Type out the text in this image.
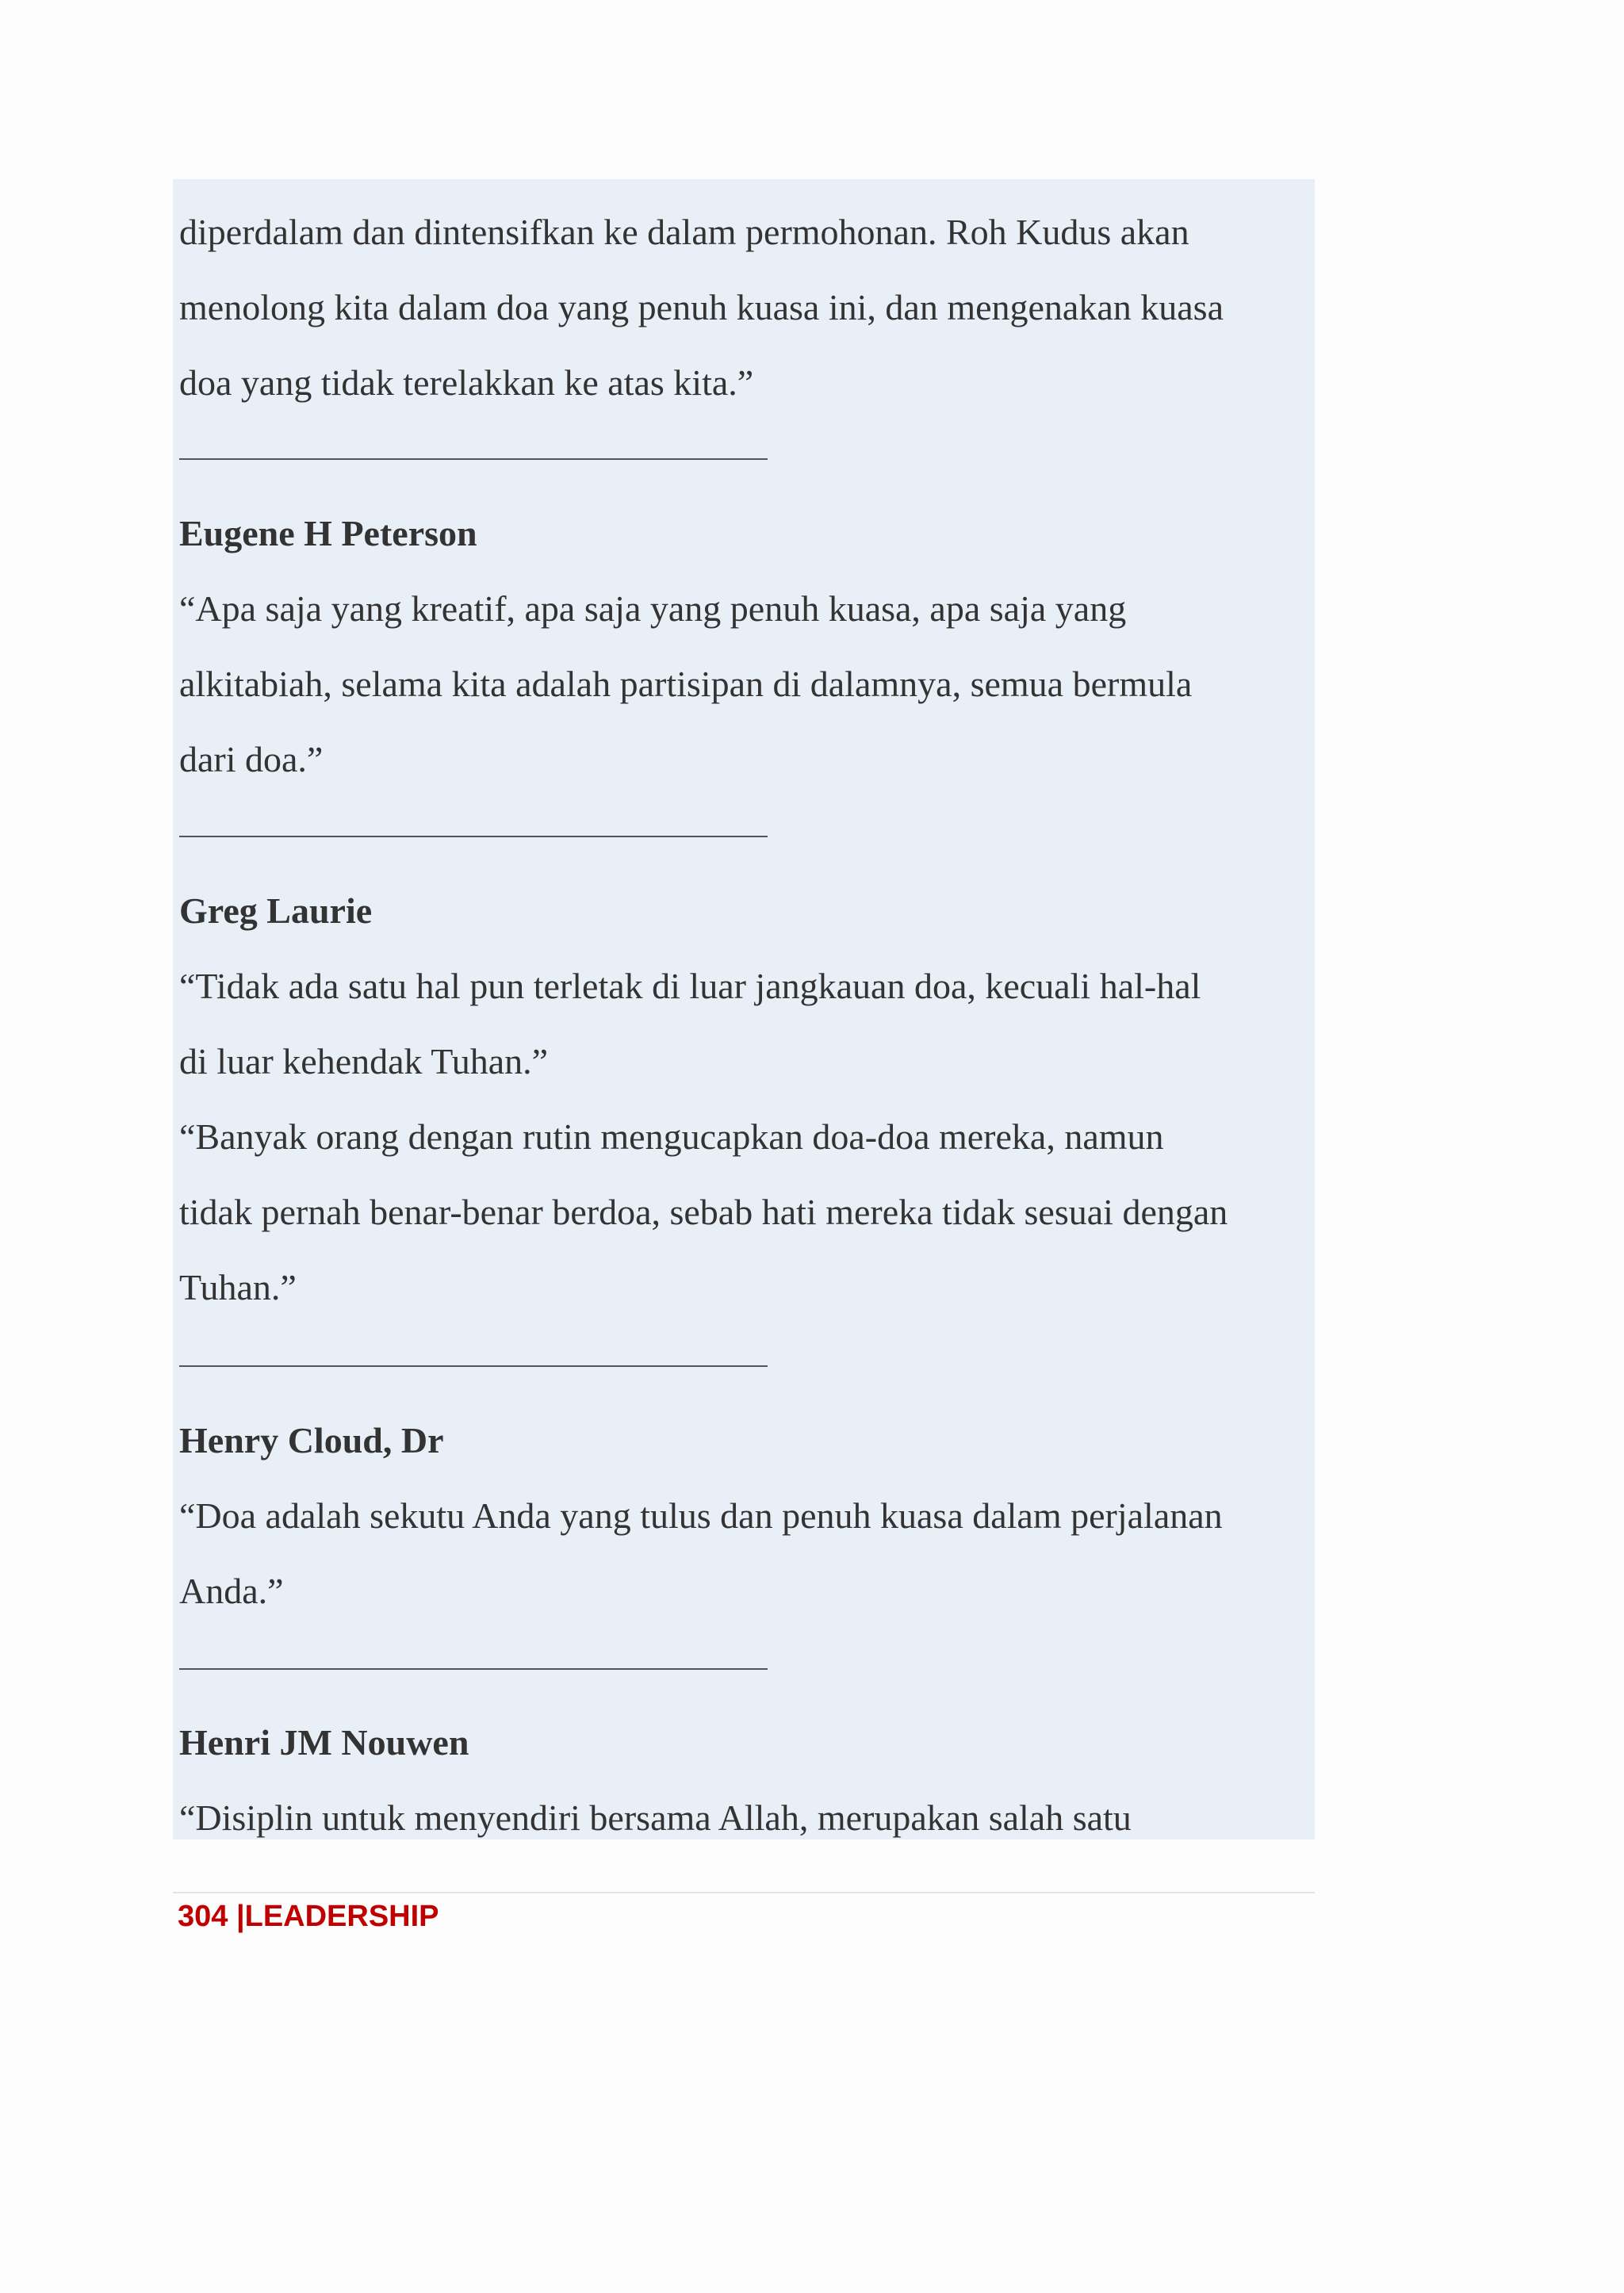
diperdalam dan dintensifkan ke dalam permohonan. Roh Kudus akan
menolong kita dalam doa yang penuh kuasa ini, dan mengenakan kuasa
doa yang tidak terelakkan ke atas kita.”
Eugene H Peterson
“Apa saja yang kreatif, apa saja yang penuh kuasa, apa saja yang
alkitabiah, selama kita adalah partisipan di dalamnya, semua bermula
dari doa.”
Greg Laurie
“Tidak ada satu hal pun terletak di luar jangkauan doa, kecuali hal-hal
di luar kehendak Tuhan.”
“Banyak orang dengan rutin mengucapkan doa-doa mereka, namun
tidak pernah benar-benar berdoa, sebab hati mereka tidak sesuai dengan
Tuhan.”
Henry Cloud, Dr
“Doa adalah sekutu Anda yang tulus dan penuh kuasa dalam perjalanan
Anda.”
Henri JM Nouwen
“Disiplin untuk menyendiri bersama Allah, merupakan salah satu
304 |LEADERSHIP
